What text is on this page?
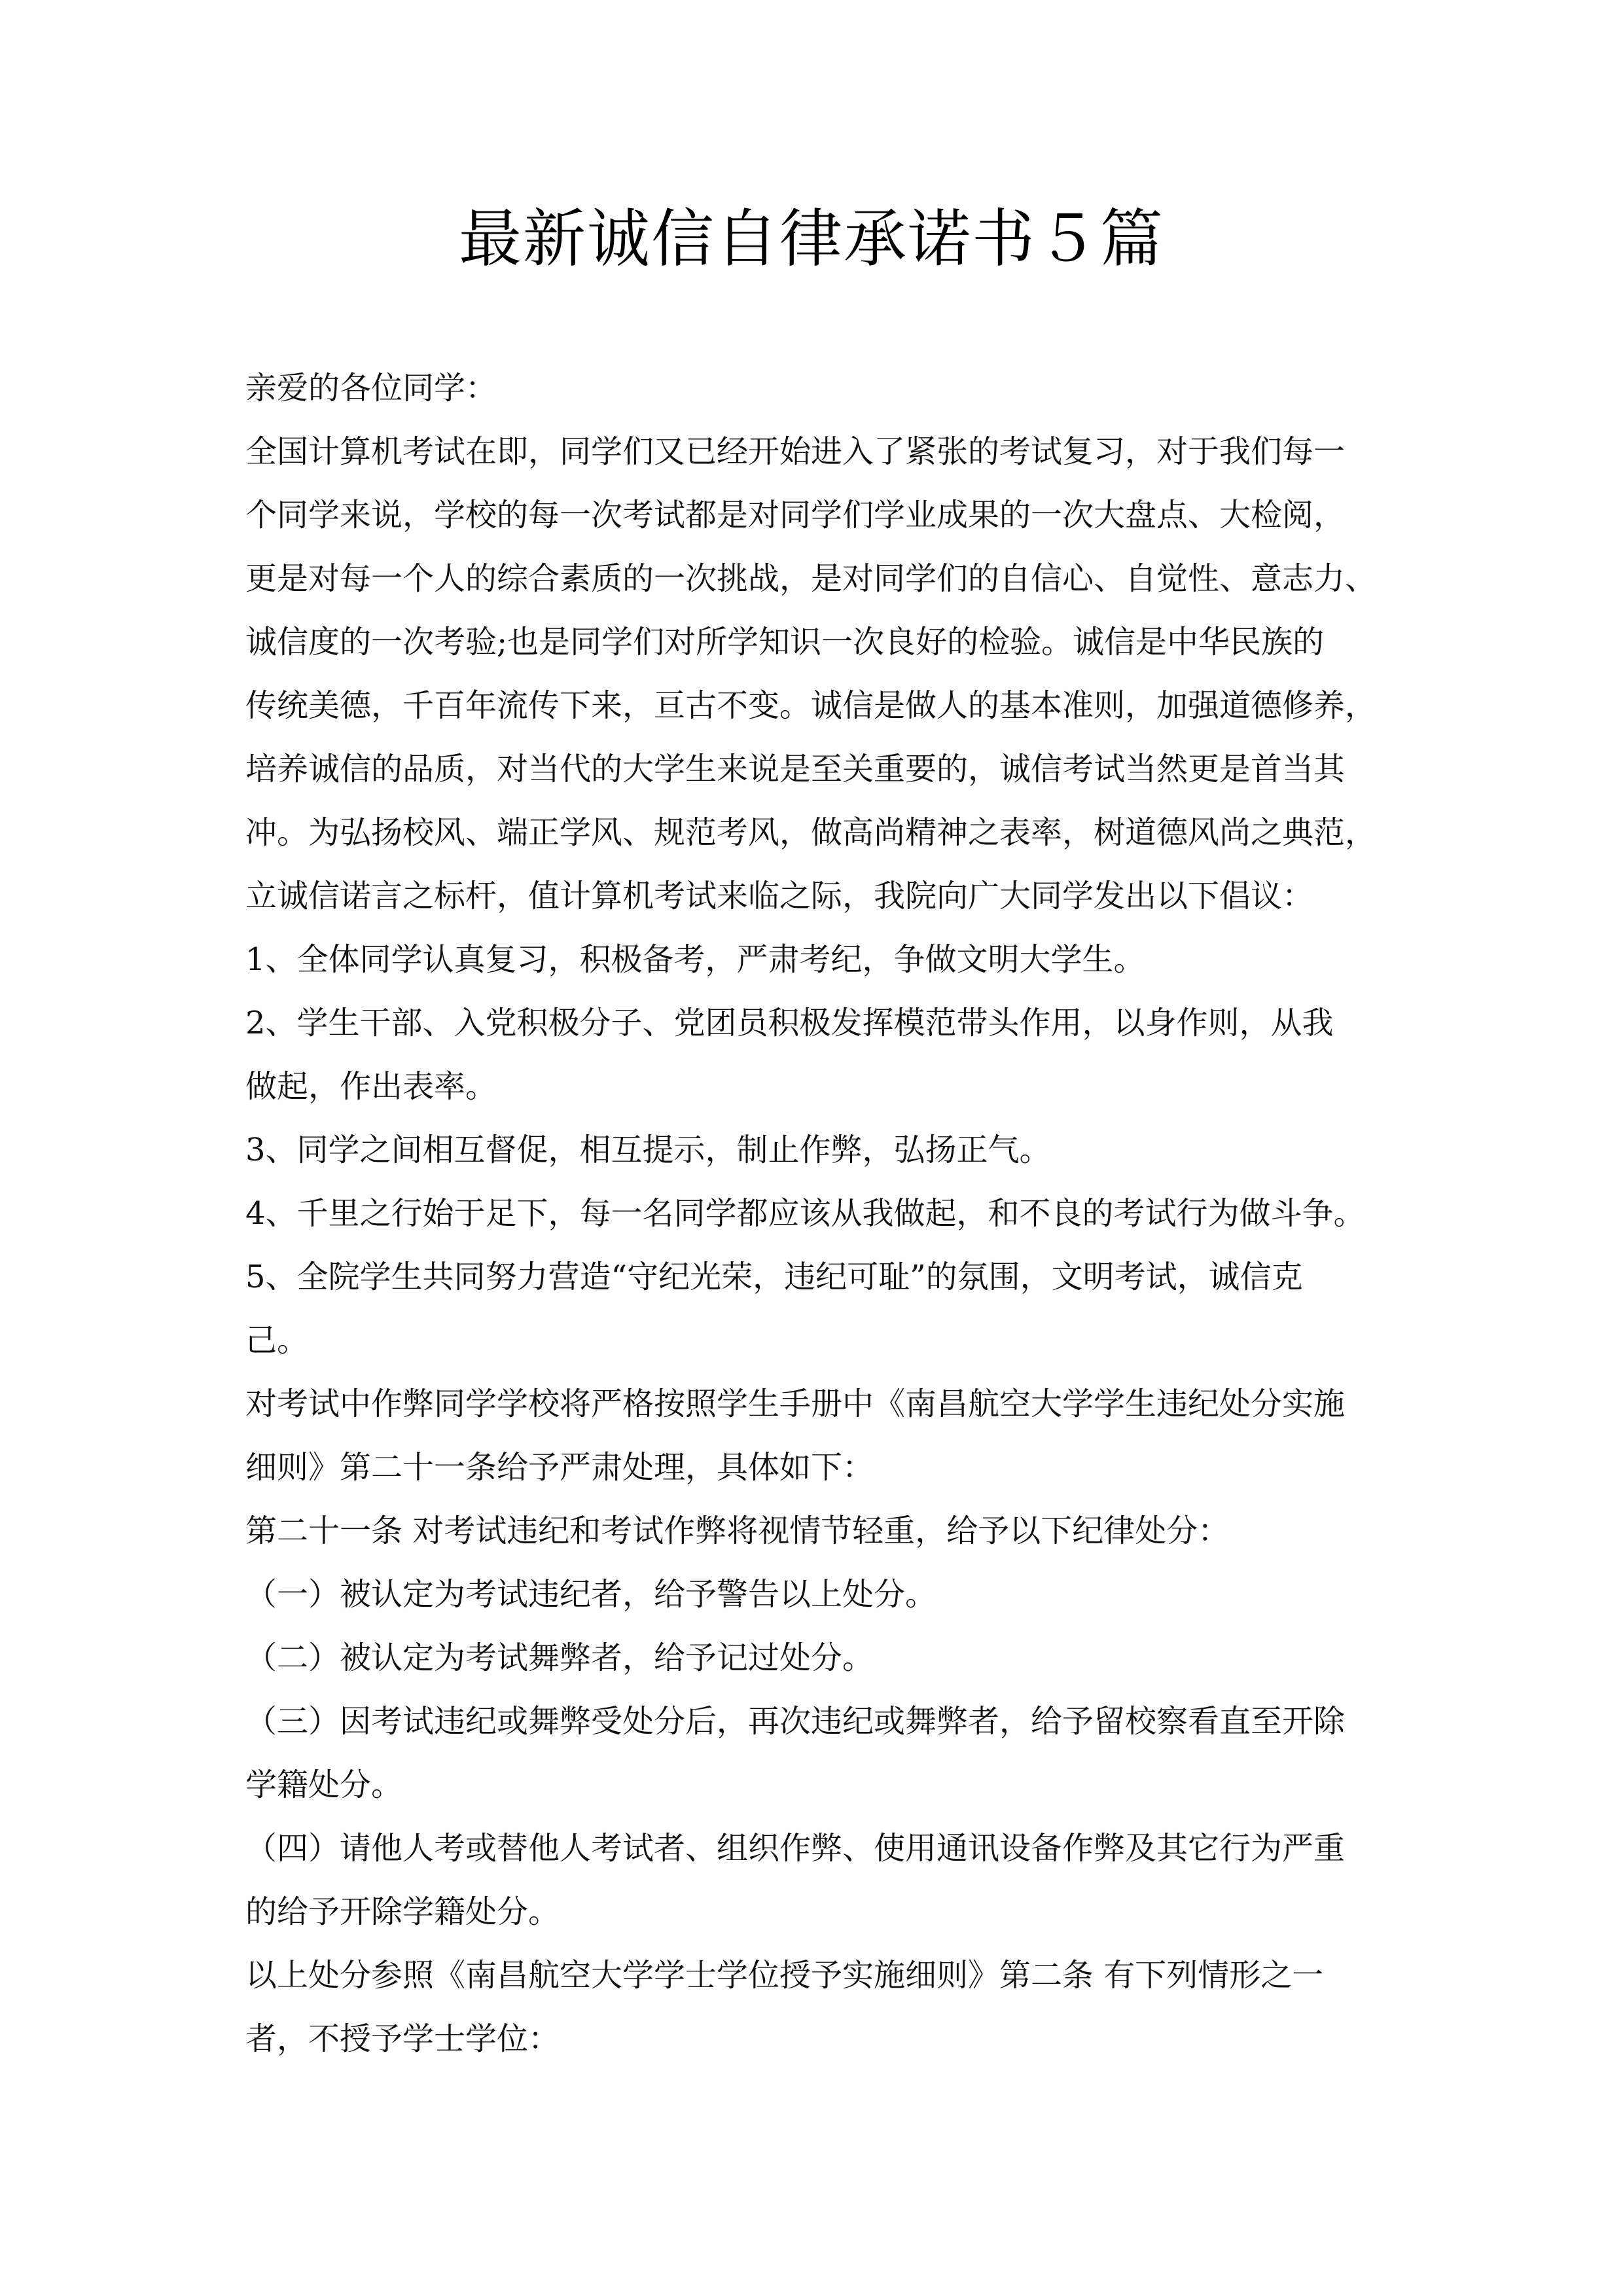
最新诚信自律承诺书５篇
亲爱的各位同学：
全国计算机考试在即，同学们又已经开始进入了紧张的考试复习，对于我们每一
个同学来说，学校的每一次考试都是对同学们学业成果的一次大盘点、大检阅，
更是对每一个人的综合素质的一次挑战，是对同学们的自信心、自觉性、意志力、
诚信度的一次考验;也是同学们对所学知识一次良好的检验。诚信是中华民族的
传统美德，千百年流传下来，亘古不变。诚信是做人的基本准则，加强道德修养，
培养诚信的品质，对当代的大学生来说是至关重要的，诚信考试当然更是首当其
冲。为弘扬校风、端正学风、规范考风，做高尚精神之表率，树道德风尚之典范，
立诚信诺言之标杆，值计算机考试来临之际，我院向广大同学发出以下倡议：
1、全体同学认真复习，积极备考，严肃考纪，争做文明大学生。
2、学生干部、入党积极分子、党团员积极发挥模范带头作用，以身作则，从我
做起，作出表率。
3、同学之间相互督促，相互提示，制止作弊，弘扬正气。
4、千里之行始于足下，每一名同学都应该从我做起，和不良的考试行为做斗争。
5、全院学生共同努力营造“守纪光荣，违纪可耻”的氛围，文明考试，诚信克
己。
对考试中作弊同学学校将严格按照学生手册中《南昌航空大学学生违纪处分实施
细则》第二十一条给予严肃处理，具体如下：
第二十一条 对考试违纪和考试作弊将视情节轻重，给予以下纪律处分：
（一）被认定为考试违纪者，给予警告以上处分。
（二）被认定为考试舞弊者，给予记过处分。
（三）因考试违纪或舞弊受处分后，再次违纪或舞弊者，给予留校察看直至开除
学籍处分。
（四）请他人考或替他人考试者、组织作弊、使用通讯设备作弊及其它行为严重
的给予开除学籍处分。
以上处分参照《南昌航空大学学士学位授予实施细则》第二条 有下列情形之一
者，不授予学士学位：
